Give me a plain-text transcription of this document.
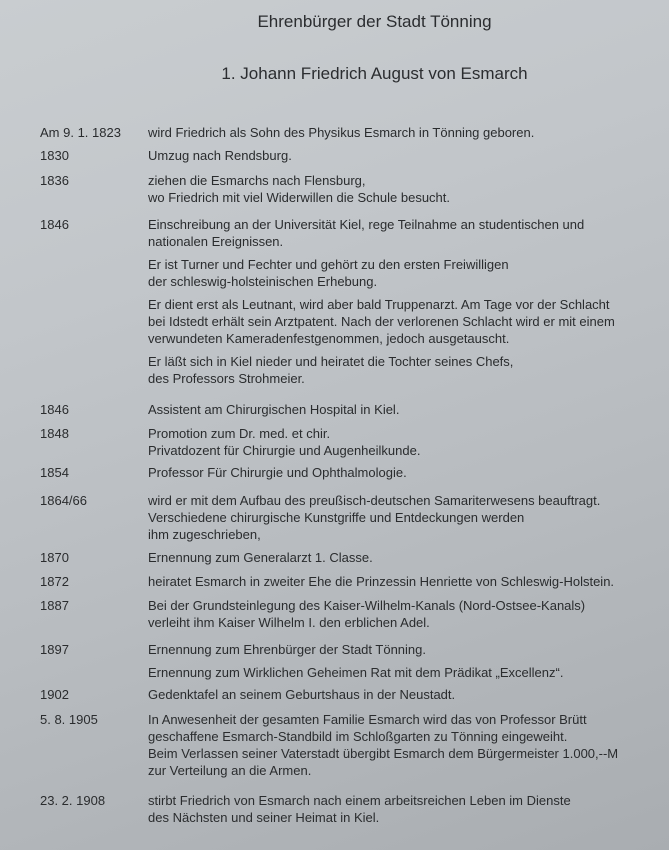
Ehrenbürger der Stadt Tönning
1. Johann Friedrich August von Esmarch
Am 9. 1. 1823 wird Friedrich als Sohn des Physikus Esmarch in Tönning geboren.
1830	Umzug nach Rendsburg.
1836	ziehen die Esmarchs nach Flensburg,
wo Friedrich mit viel Widerwillen die Schule besucht.
1846	Einschreibung an der Universität Kiel, rege Teilnahme an studentischen und
nationalen Ereignissen.
Er ist Turner und Fechter und gehört zu den ersten Freiwilligen
der schleswig-holsteinischen Erhebung.
Er dient erst als Leutnant, wird aber bald Truppenarzt. Am Tage vor der Schlacht
bei Idstedt erhält sein Arztpatent. Nach der verlorenen Schlacht wird er mit einem
verwundeten Kameradenfestgenommen, jedoch ausgetauscht.
Er läßt sich in Kiel nieder und heiratet die Tochter seines Chefs,
des Professors Strohmeier.
1846	Assistent am Chirurgischen Hospital in Kiel.
1848	Promotion zum Dr. med. et chir.
Privatdozent für Chirurgie und Augenheilkunde.
1854	Professor Für Chirurgie und Ophthalmologie.
1864/66	wird er mit dem Aufbau des preußisch-deutschen Samariterwesens beauftragt.
Verschiedene chirurgische Kunstgriffe und Entdeckungen werden
ihm zugeschrieben,
1870	Ernennung zum Generalarzt 1. Classe.
1872	heiratet Esmarch in zweiter Ehe die Prinzessin Henriette von Schleswig-Holstein.
1887	Bei der Grundsteinlegung des Kaiser-Wilhelm-Kanals (Nord-Ostsee-Kanals)
verleiht ihm Kaiser Wilhelm I. den erblichen Adel.
1897	Ernennung zum Ehrenbürger der Stadt Tönning.
Ernennung zum Wirklichen Geheimen Rat mit dem Prädikat „Excellenz“.
1902	Gedenktafel an seinem Geburtshaus in der Neustadt.
5. 8. 1905	In Anwesenheit der gesamten Familie Esmarch wird das von Professor Brütt
geschaffene Esmarch-Standbild im Schloßgarten zu Tönning eingeweiht.
Beim Verlassen seiner Vaterstadt übergibt Esmarch dem Bürgermeister 1.000,--M
zur Verteilung an die Armen.
23. 2. 1908	stirbt Friedrich von Esmarch nach einem arbeitsreichen Leben im Dienste
des Nächsten und seiner Heimat in Kiel.
